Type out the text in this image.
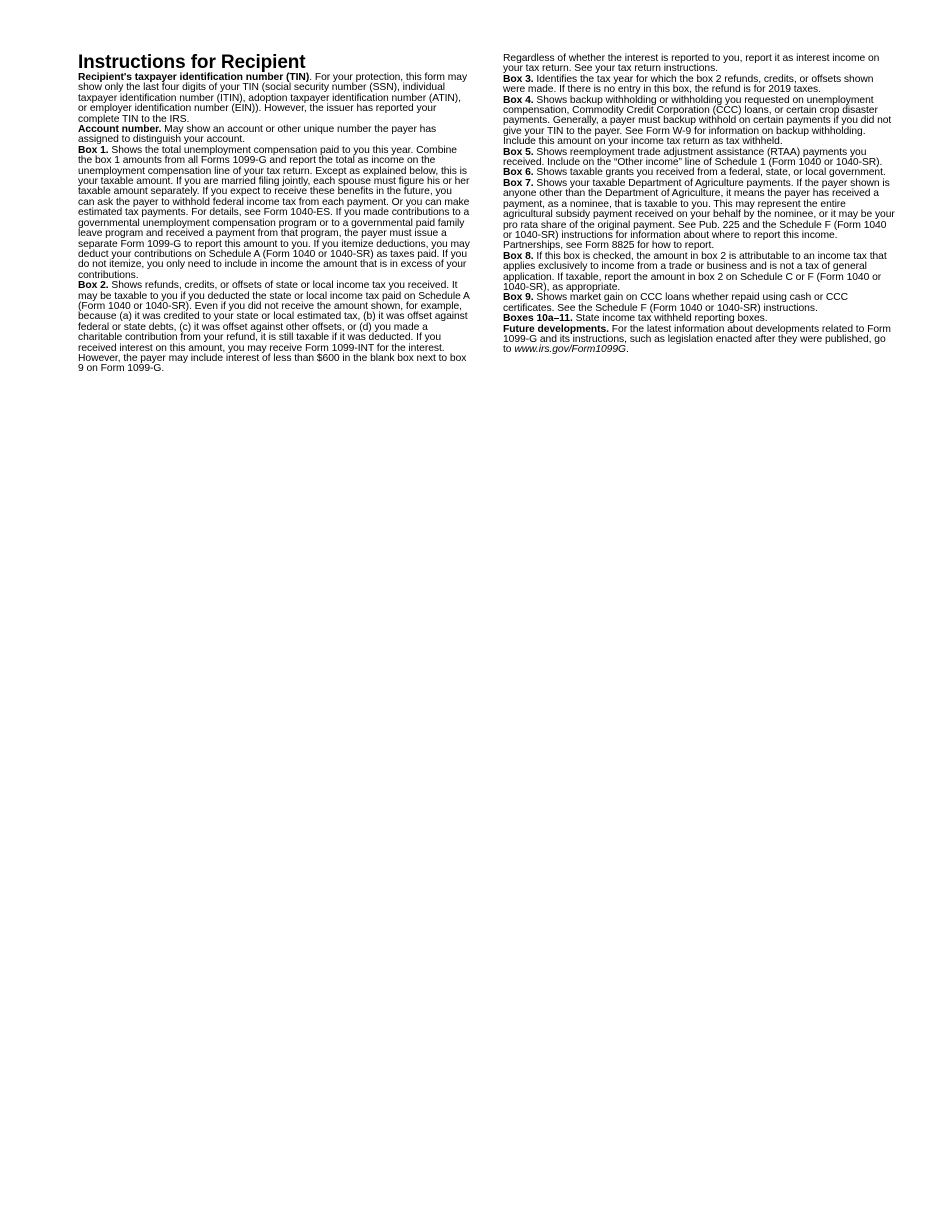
Instructions for Recipient

Recipient's taxpayer identification number (TIN). For your protection, this form may show only the last four digits of your TIN (social security number (SSN), individual taxpayer identification number (ITIN), adoption taxpayer identification number (ATIN), or employer identification number (EIN)). However, the issuer has reported your complete TIN to the IRS.

Account number. May show an account or other unique number the payer has assigned to distinguish your account.

Box 1. Shows the total unemployment compensation paid to you this year. Combine the box 1 amounts from all Forms 1099-G and report the total as income on the unemployment compensation line of your tax return. Except as explained below, this is your taxable amount. If you are married filing jointly, each spouse must figure his or her taxable amount separately. If you expect to receive these benefits in the future, you can ask the payer to withhold federal income tax from each payment. Or you can make estimated tax payments. For details, see Form 1040-ES. If you made contributions to a governmental unemployment compensation program or to a governmental paid family leave program and received a payment from that program, the payer must issue a separate Form 1099-G to report this amount to you. If you itemize deductions, you may deduct your contributions on Schedule A (Form 1040 or 1040-SR) as taxes paid. If you do not itemize, you only need to include in income the amount that is in excess of your contributions.

Box 2. Shows refunds, credits, or offsets of state or local income tax you received. It may be taxable to you if you deducted the state or local income tax paid on Schedule A (Form 1040 or 1040-SR). Even if you did not receive the amount shown, for example, because (a) it was credited to your state or local estimated tax, (b) it was offset against federal or state debts, (c) it was offset against other offsets, or (d) you made a charitable contribution from your refund, it is still taxable if it was deducted. If you received interest on this amount, you may receive Form 1099-INT for the interest. However, the payer may include interest of less than $600 in the blank box next to box 9 on Form 1099-G.

Regardless of whether the interest is reported to you, report it as interest income on your tax return. See your tax return instructions.

Box 3. Identifies the tax year for which the box 2 refunds, credits, or offsets shown were made. If there is no entry in this box, the refund is for 2019 taxes.

Box 4. Shows backup withholding or withholding you requested on unemployment compensation, Commodity Credit Corporation (CCC) loans, or certain crop disaster payments. Generally, a payer must backup withhold on certain payments if you did not give your TIN to the payer. See Form W-9 for information on backup withholding. Include this amount on your income tax return as tax withheld.

Box 5. Shows reemployment trade adjustment assistance (RTAA) payments you received. Include on the “Other income” line of Schedule 1 (Form 1040 or 1040-SR).

Box 6. Shows taxable grants you received from a federal, state, or local government.

Box 7. Shows your taxable Department of Agriculture payments. If the payer shown is anyone other than the Department of Agriculture, it means the payer has received a payment, as a nominee, that is taxable to you. This may represent the entire agricultural subsidy payment received on your behalf by the nominee, or it may be your pro rata share of the original payment. See Pub. 225 and the Schedule F (Form 1040 or 1040-SR) instructions for information about where to report this income. Partnerships, see Form 8825 for how to report.

Box 8. If this box is checked, the amount in box 2 is attributable to an income tax that applies exclusively to income from a trade or business and is not a tax of general application. If taxable, report the amount in box 2 on Schedule C or F (Form 1040 or 1040-SR), as appropriate.

Box 9. Shows market gain on CCC loans whether repaid using cash or CCC certificates. See the Schedule F (Form 1040 or 1040-SR) instructions.

Boxes 10a–11. State income tax withheld reporting boxes.

Future developments. For the latest information about developments related to Form 1099-G and its instructions, such as legislation enacted after they were published, go to www.irs.gov/Form1099G.
